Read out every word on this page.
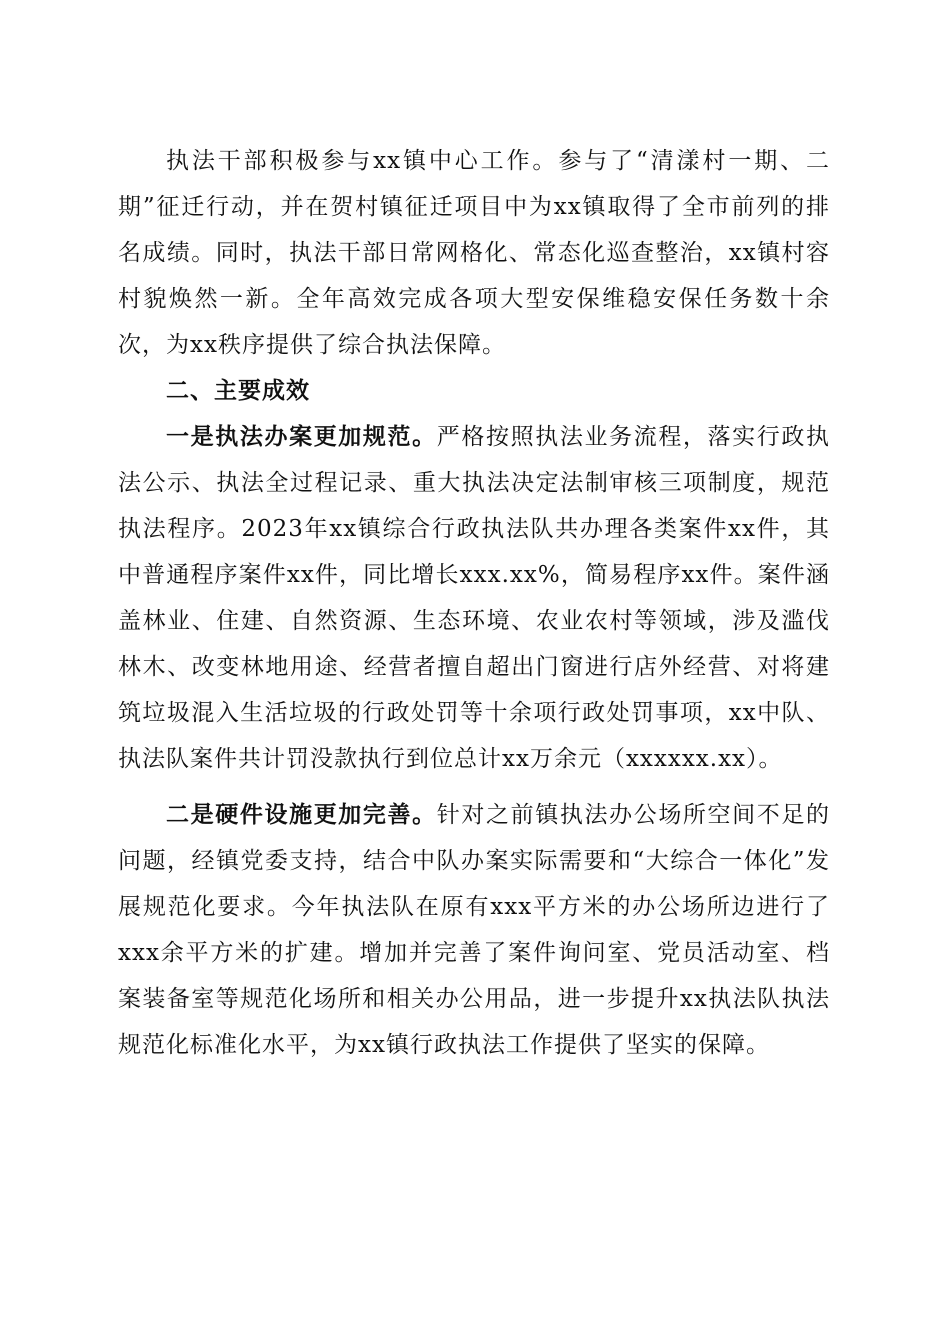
执法干部积极参与xx镇中心工作。参与了“清漾村一期、二期”征迁行动，并在贺村镇征迁项目中为xx镇取得了全市前列的排名成绩。同时，执法干部日常网格化、常态化巡查整治，xx镇村容村貌焕然一新。全年高效完成各项大型安保维稳安保任务数十余次，为xx秩序提供了综合执法保障。

二、主要成效

一是执法办案更加规范。严格按照执法业务流程，落实行政执法公示、执法全过程记录、重大执法决定法制审核三项制度，规范执法程序。2023年xx镇综合行政执法队共办理各类案件xx件，其中普通程序案件xx件，同比增长xxx.xx%，简易程序xx件。案件涵盖林业、住建、自然资源、生态环境、农业农村等领域，涉及滥伐林木、改变林地用途、经营者擅自超出门窗进行店外经营、对将建筑垃圾混入生活垃圾的行政处罚等十余项行政处罚事项，xx中队、执法队案件共计罚没款执行到位总计xx万余元（xxxxxx.xx）。

二是硬件设施更加完善。针对之前镇执法办公场所空间不足的问题，经镇党委支持，结合中队办案实际需要和“大综合一体化”发展规范化要求。今年执法队在原有xxx平方米的办公场所边进行了xxx余平方米的扩建。增加并完善了案件询问室、党员活动室、档案装备室等规范化场所和相关办公用品，进一步提升xx执法队执法规范化标准化水平，为xx镇行政执法工作提供了坚实的保障。
